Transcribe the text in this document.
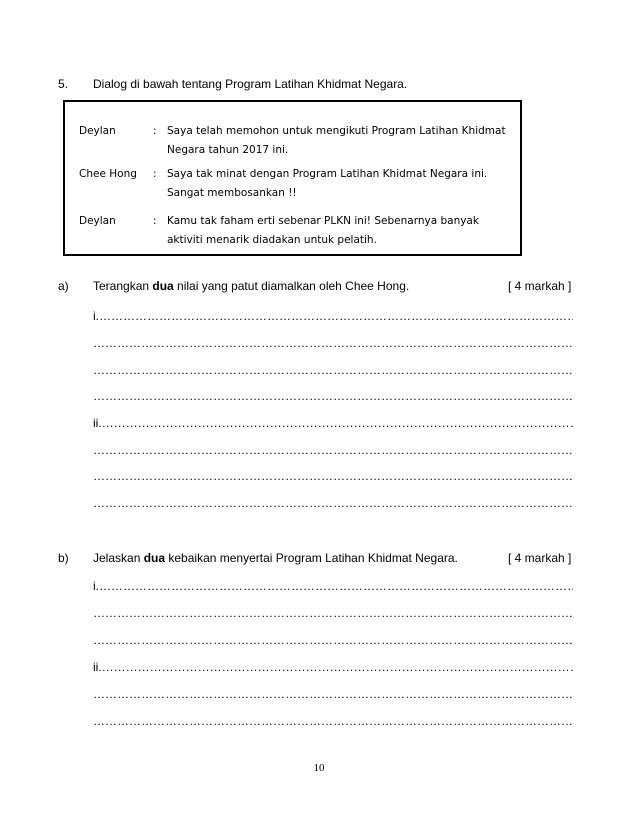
5. Dialog di bawah tentang Program Latihan Khidmat Negara.
Deylan	: Saya telah memohon untuk mengikuti Program Latihan Khidmat
Negara tahun 2017 ini.
Chee Hong : Saya tak minat dengan Program Latihan Khidmat Negara ini.
Sangat membosankan !!
Deylan	: Kamu tak faham erti sebenar PLKN ini! Sebenarnya banyak
aktiviti menarik diadakan untuk pelatih.
a) Terangkan dua nilai yang patut diamalkan oleh Chee Hong.	[ 4 markah ]
i. ………………………………………………………………………………………………………………………………………………
………………………………………………………………………………………………………………………………………………
………………………………………………………………………………………………………………………………………………
………………………………………………………………………………………………………………………………………………
ii. ………………………………………………………………………………………………………………………………………………
………………………………………………………………………………………………………………………………………………
………………………………………………………………………………………………………………………………………………
………………………………………………………………………………………………………………………………………………
b) Jelaskan dua kebaikan menyertai Program Latihan Khidmat Negara.	[ 4 markah ]
i. ………………………………………………………………………………………………………………………………………………
………………………………………………………………………………………………………………………………………………
………………………………………………………………………………………………………………………………………………
ii. ………………………………………………………………………………………………………………………………………………
………………………………………………………………………………………………………………………………………………
………………………………………………………………………………………………………………………………………………
10
